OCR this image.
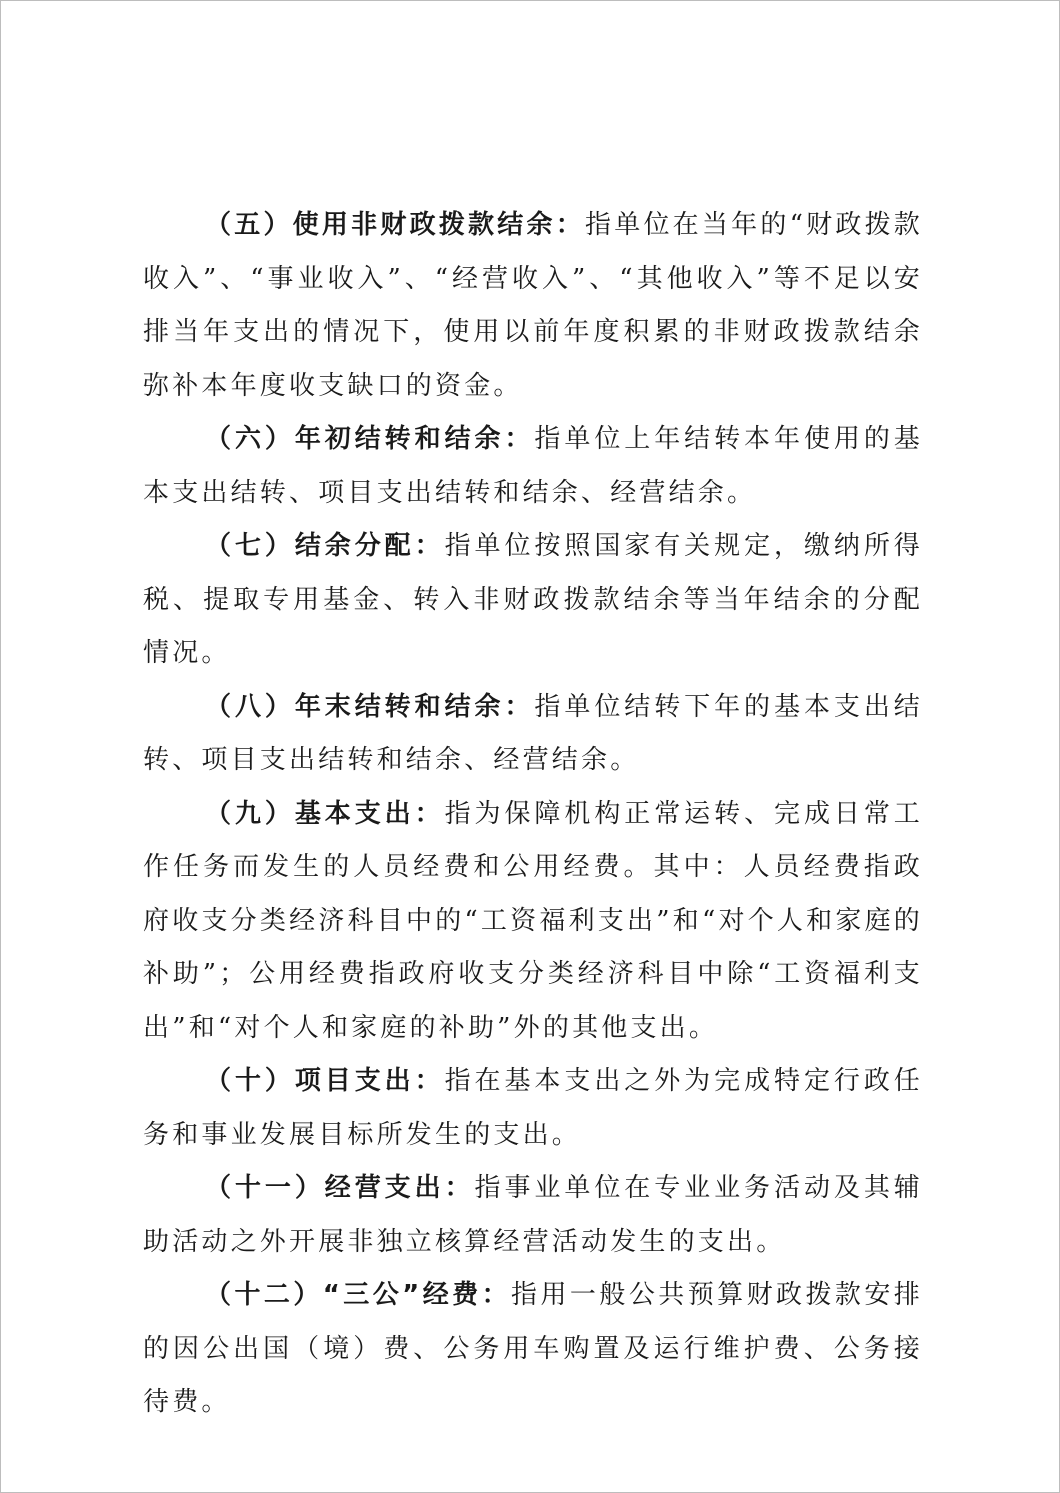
（五）使用非财政拨款结余：指单位在当年的“财政拨款收入”、“事业收入”、“经营收入”、“其他收入”等不足以安排当年支出的情况下，使用以前年度积累的非财政拨款结余弥补本年度收支缺口的资金。

（六）年初结转和结余：指单位上年结转本年使用的基本支出结转、项目支出结转和结余、经营结余。

（七）结余分配：指单位按照国家有关规定，缴纳所得税、提取专用基金、转入非财政拨款结余等当年结余的分配情况。

（八）年末结转和结余：指单位结转下年的基本支出结转、项目支出结转和结余、经营结余。

（九）基本支出：指为保障机构正常运转、完成日常工作任务而发生的人员经费和公用经费。其中：人员经费指政府收支分类经济科目中的“工资福利支出”和“对个人和家庭的补助”；公用经费指政府收支分类经济科目中除“工资福利支出”和“对个人和家庭的补助”外的其他支出。

（十）项目支出：指在基本支出之外为完成特定行政任务和事业发展目标所发生的支出。

（十一）经营支出：指事业单位在专业业务活动及其辅助活动之外开展非独立核算经营活动发生的支出。

（十二）“三公”经费：指用一般公共预算财政拨款安排的因公出国（境）费、公务用车购置及运行维护费、公务接待费。
